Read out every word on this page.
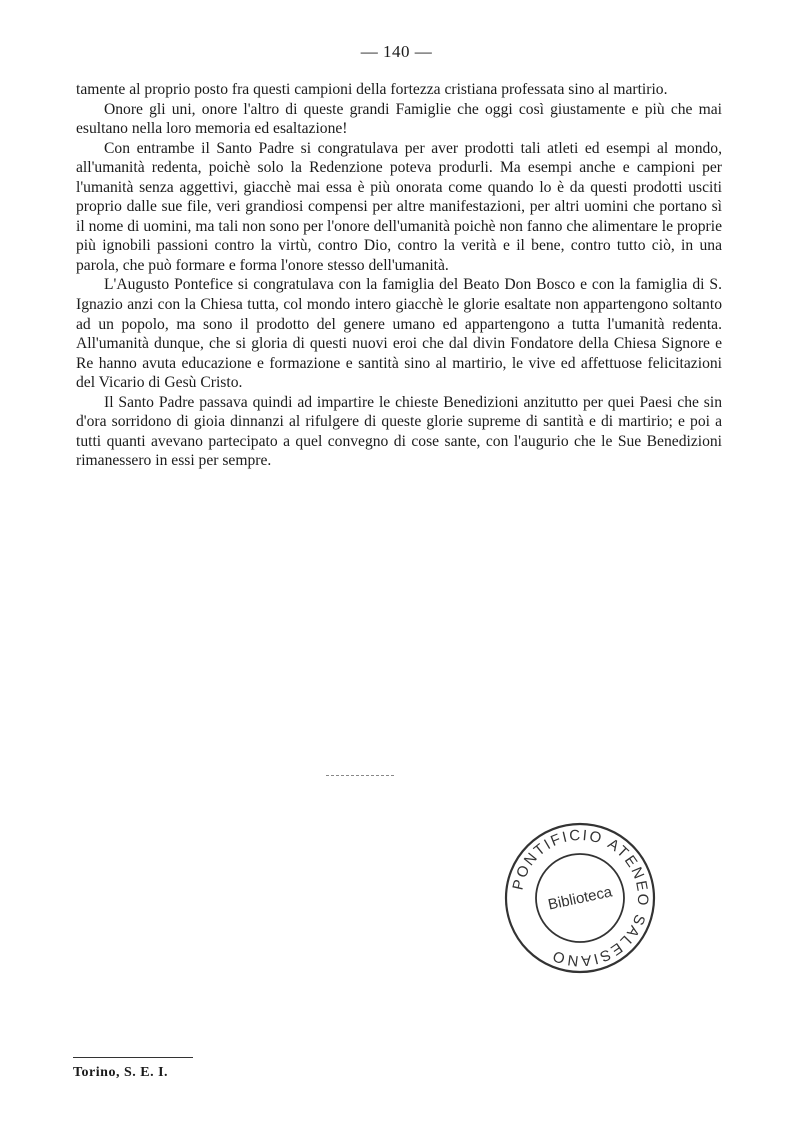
— 140 —

tamente al proprio posto fra questi campioni della fortezza cristiana professata sino al martirio.

Onore gli uni, onore l'altro di queste grandi Famiglie che oggi così giustamente e più che mai esultano nella loro memoria ed esaltazione!

Con entrambe il Santo Padre si congratulava per aver prodotti tali atleti ed esempi al mondo, all'umanità redenta, poichè solo la Redenzione poteva produrli. Ma esempi anche e campioni per l'umanità senza aggettivi, giacchè mai essa è più onorata come quando lo è da questi prodotti usciti proprio dalle sue file, veri grandiosi compensi per altre manifestazioni, per altri uomini che portano sì il nome di uomini, ma tali non sono per l'onore dell'umanità poichè non fanno che alimentare le proprie più ignobili passioni contro la virtù, contro Dio, contro la verità e il bene, contro tutto ciò, in una parola, che può formare e forma l'onore stesso dell'umanità.

L'Augusto Pontefice si congratulava con la famiglia del Beato Don Bosco e con la famiglia di S. Ignazio anzi con la Chiesa tutta, col mondo intero giacchè le glorie esaltate non appartengono soltanto ad un popolo, ma sono il prodotto del genere umano ed appartengono a tutta l'umanità redenta. All'umanità dunque, che si gloria di questi nuovi eroi che dal divin Fondatore della Chiesa Signore e Re hanno avuta educazione e formazione e santità sino al martirio, le vive ed affettuose felicitazioni del Vicario di Gesù Cristo.

Il Santo Padre passava quindi ad impartire le chieste Benedizioni anzitutto per quei Paesi che sin d'ora sorridono di gioia dinnanzi al rifulgere di queste glorie supreme di santità e di martirio; e poi a tutti quanti avevano partecipato a quel convegno di cose sante, con l'augurio che le Sue Benedizioni rimanessero in essi per sempre.

PONTIFICIO ATENEO SALESIANO
Biblioteca
Torino, S. E. I.
